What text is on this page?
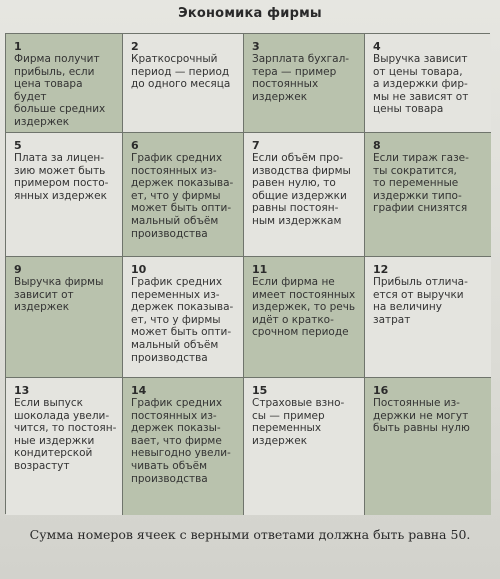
Экономика фирмы
1
Фирма получит
прибыль, если
цена товара будет
больше средних
издержек
2
Краткосрочный
период — период
до одного месяца
3
Зарплата бухгал-
тера — пример
постоянных
издержек
4
Выручка зависит
от цены товара,
а издержки фир-
мы не зависят от
цены товара
5
Плата за лицен-
зию может быть
примером посто-
янных издержек
6
График средних
постоянных из-
держек показыва-
ет, что у фирмы
может быть опти-
мальный объём
производства
7
Если объём про-
изводства фирмы
равен нулю, то
общие издержки
равны постоян-
ным издержкам
8
Если тираж газе-
ты сократится,
то переменные
издержки типо-
графии снизятся
9
Выручка фирмы
зависит от
издержек
10
График средних
переменных из-
держек показыва-
ет, что у фирмы
может быть опти-
мальный объём
производства
11
Если фирма не
имеет постоянных
издержек, то речь
идёт о кратко-
срочном периоде
12
Прибыль отлича-
ется от выручки
на величину
затрат
13
Если выпуск
шоколада увели-
чится, то постоян-
ные издержки
кондитерской
возрастут
14
График средних
постоянных из-
держек показы-
вает, что фирме
невыгодно увели-
чивать объём
производства
15
Страховые взно-
сы — пример
переменных
издержек
16
Постоянные из-
держки не могут
быть равны нулю
Сумма номеров ячеек с верными ответами должна быть равна 50.
